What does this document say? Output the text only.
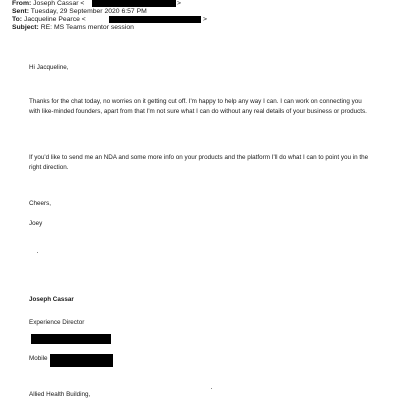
From: Joseph Cassar <	>
Sent: Tuesday, 29 September 2020 6:57 PM
To: Jacqueline Pearce <	>
Subject: RE: MS Teams mentor session
Hi Jacqueline,
Thanks for the chat today, no worries on it getting cut off. I'm happy to help any way I can. I can work on connecting you with like-minded founders, apart from that I'm not sure what I can do without any real details of your business or products.
If you'd like to send me an NDA and some more info on your products and the platform I'll do what I can to point you in the right direction.
Cheers,
Joey
Joseph Cassar
Experience Director
Mobile
Allied Health Building,
